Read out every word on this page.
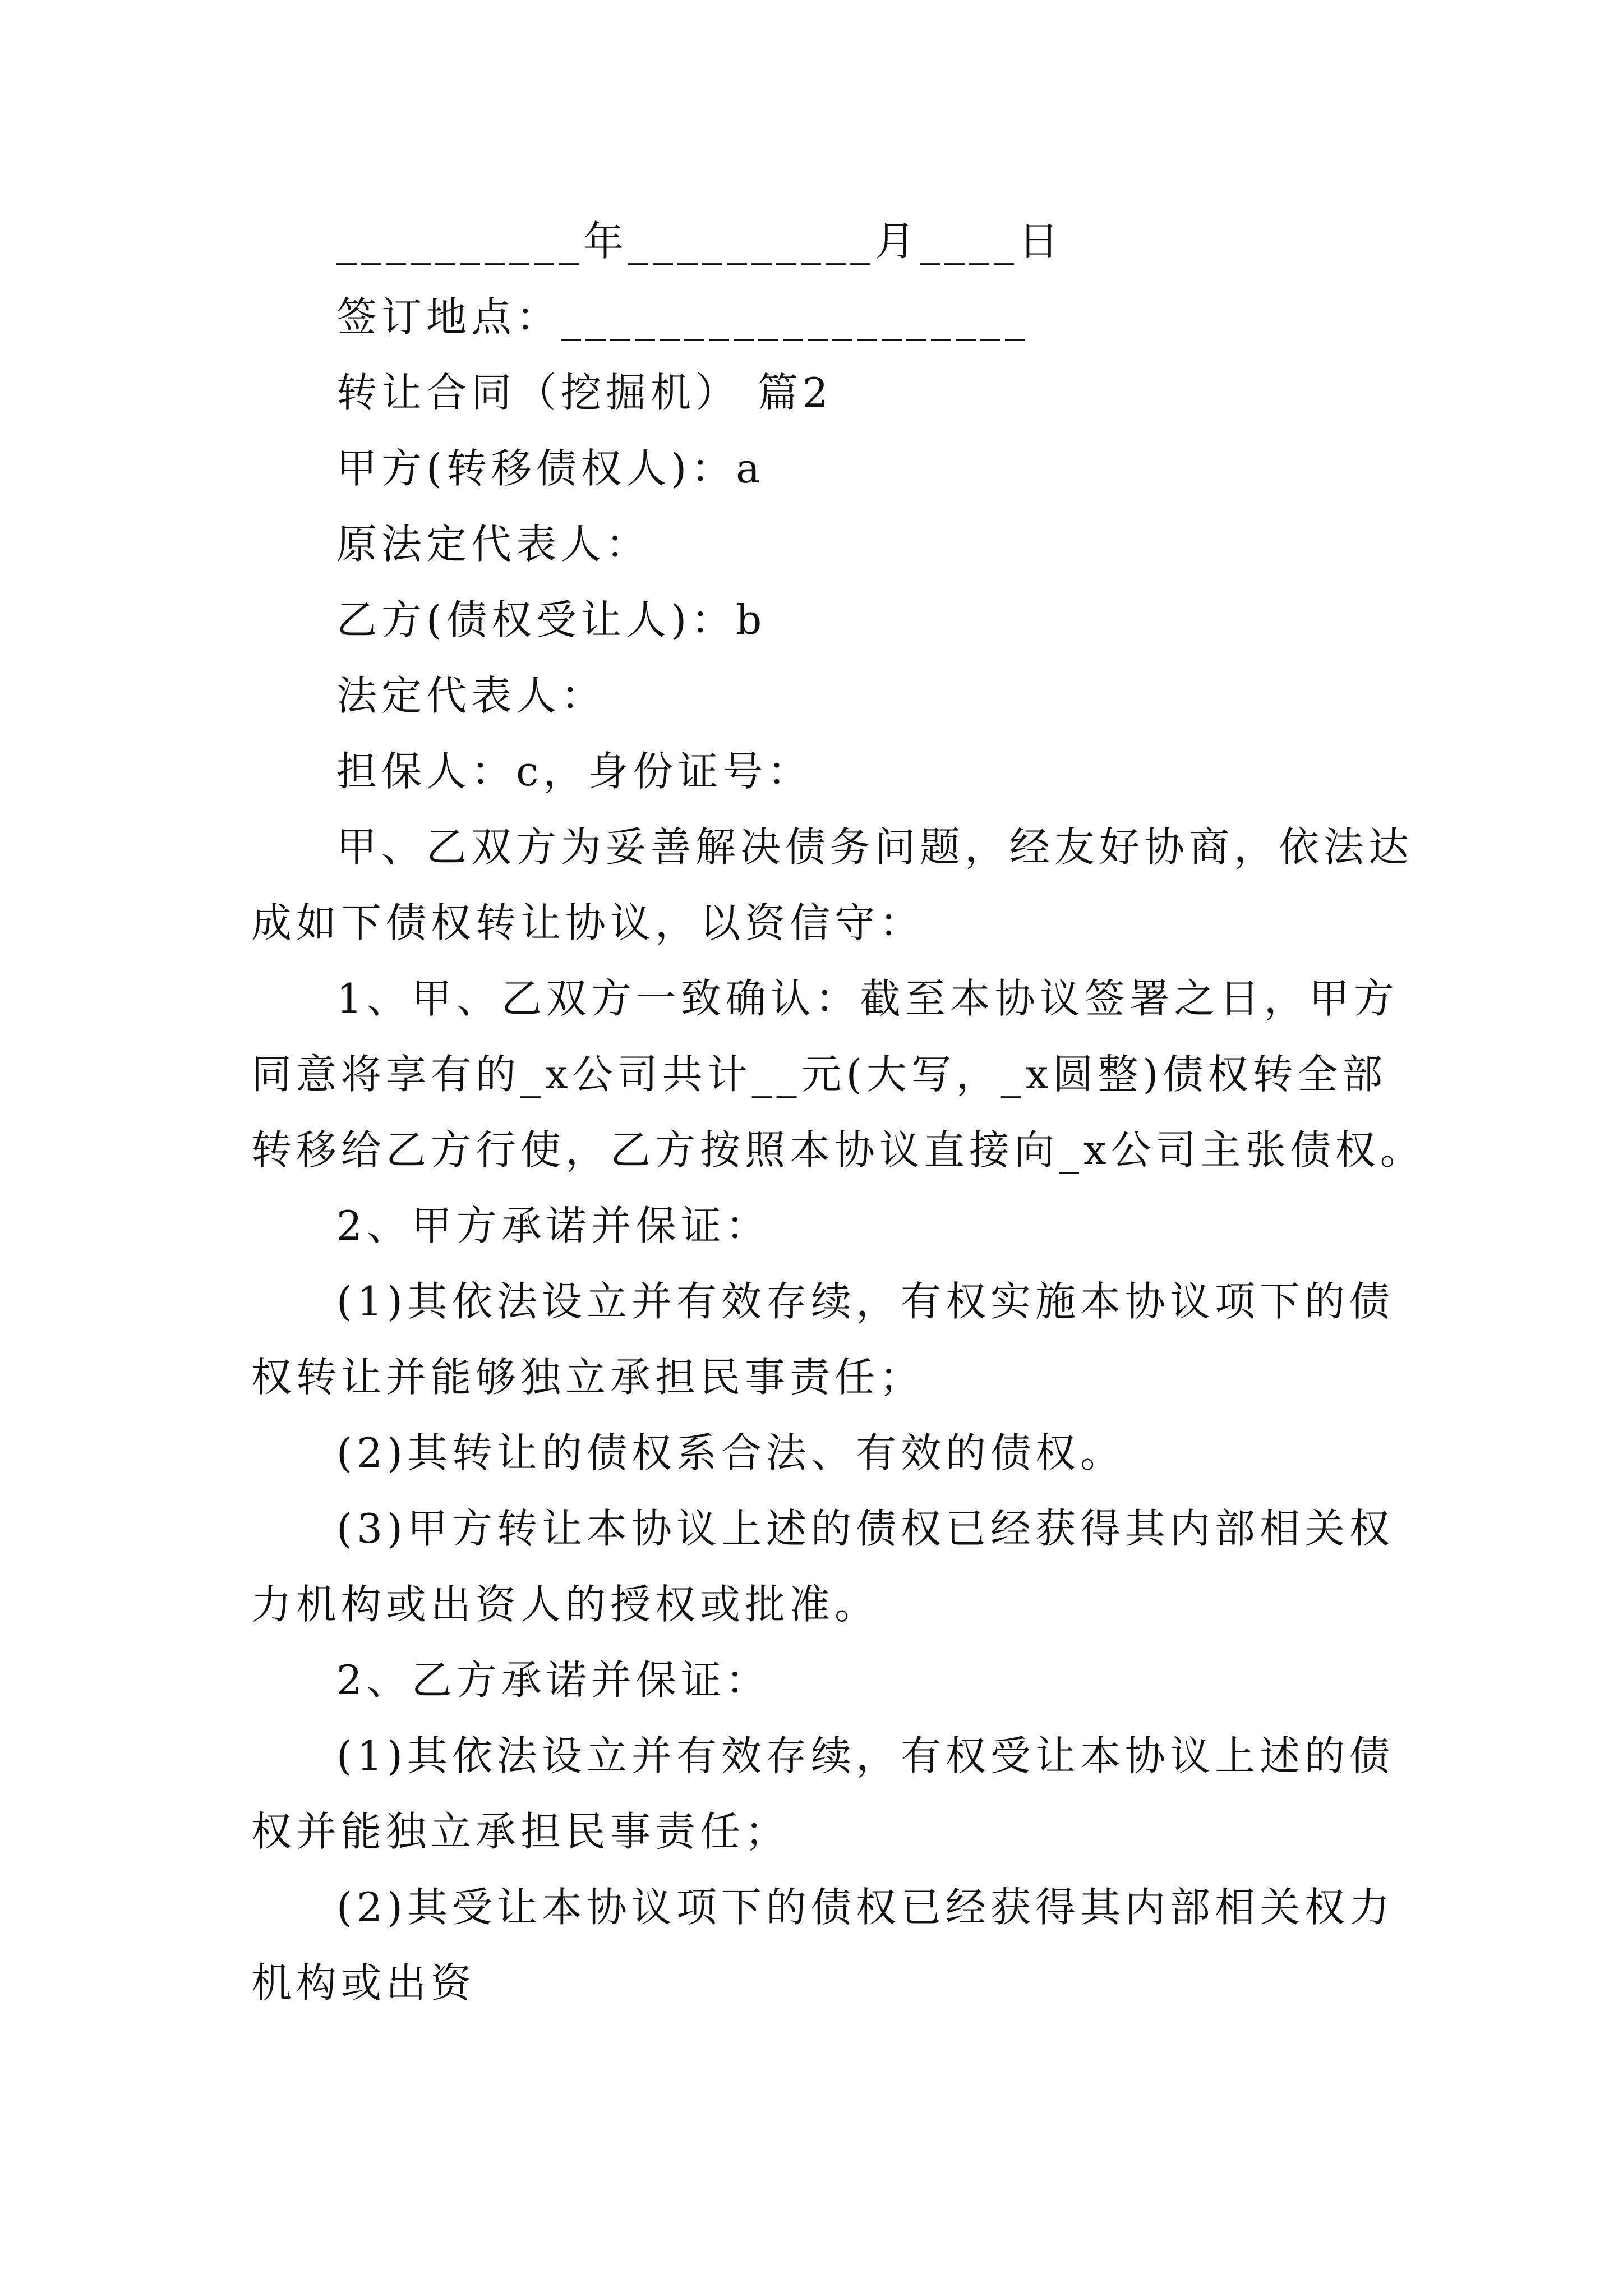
__________年__________月____日
签订地点：___________________
转让合同（挖掘机） 篇2
甲方(转移债权人)：a
原法定代表人：
乙方(债权受让人)：b
法定代表人：
担保人：c，身份证号：
甲、乙双方为妥善解决债务问题，经友好协商，依法达
成如下债权转让协议，以资信守：
1、甲、乙双方一致确认：截至本协议签署之日，甲方
同意将享有的_x公司共计__元(大写，_x圆整)债权转全部
转移给乙方行使，乙方按照本协议直接向_x公司主张债权。
2、甲方承诺并保证：
(1)其依法设立并有效存续，有权实施本协议项下的债
权转让并能够独立承担民事责任；
(2)其转让的债权系合法、有效的债权。
(3)甲方转让本协议上述的债权已经获得其内部相关权
力机构或出资人的授权或批准。
2、乙方承诺并保证：
(1)其依法设立并有效存续，有权受让本协议上述的债
权并能独立承担民事责任；
(2)其受让本协议项下的债权已经获得其内部相关权力
机构或出资
